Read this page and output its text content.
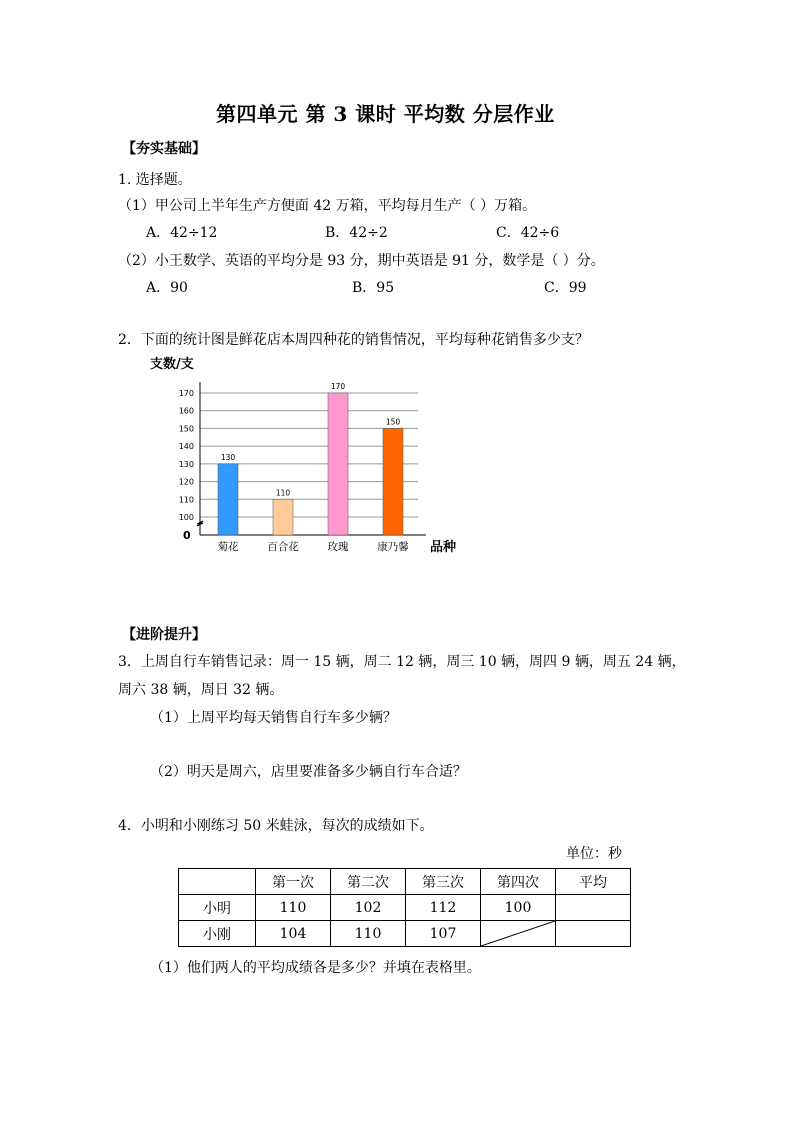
第四单元 第 3 课时 平均数 分层作业
【夯实基础】
1. 选择题。
（1）甲公司上半年生产方便面 42 万箱，平均每月生产（ ）万箱。
A．42÷12	B．42÷2	C．42÷6
（2）小王数学、英语的平均分是 93 分，期中英语是 91 分，数学是（ ）分。
A．90	B．95	C．99
2．下面的统计图是鲜花店本周四种花的销售情况，平均每种花销售多少支？
支数/支
100
110
120
130
140
150
160
170
0
品种
130
菊花
110
百合花
170
玫瑰
150
康乃馨
【进阶提升】
3．上周自行车销售记录：周一 15 辆，周二 12 辆，周三 10 辆，周四 9 辆，周五 24 辆，
周六 38 辆，周日 32 辆。
（1）上周平均每天销售自行车多少辆？
（2）明天是周六，店里要准备多少辆自行车合适？
4．小明和小刚练习 50 米蛙泳，每次的成绩如下。
单位：秒
	第一次	第二次	第三次	第四次	平均
小明	110	102	112	100	
小刚	104	110	107	

（1）他们两人的平均成绩各是多少？并填在表格里。
